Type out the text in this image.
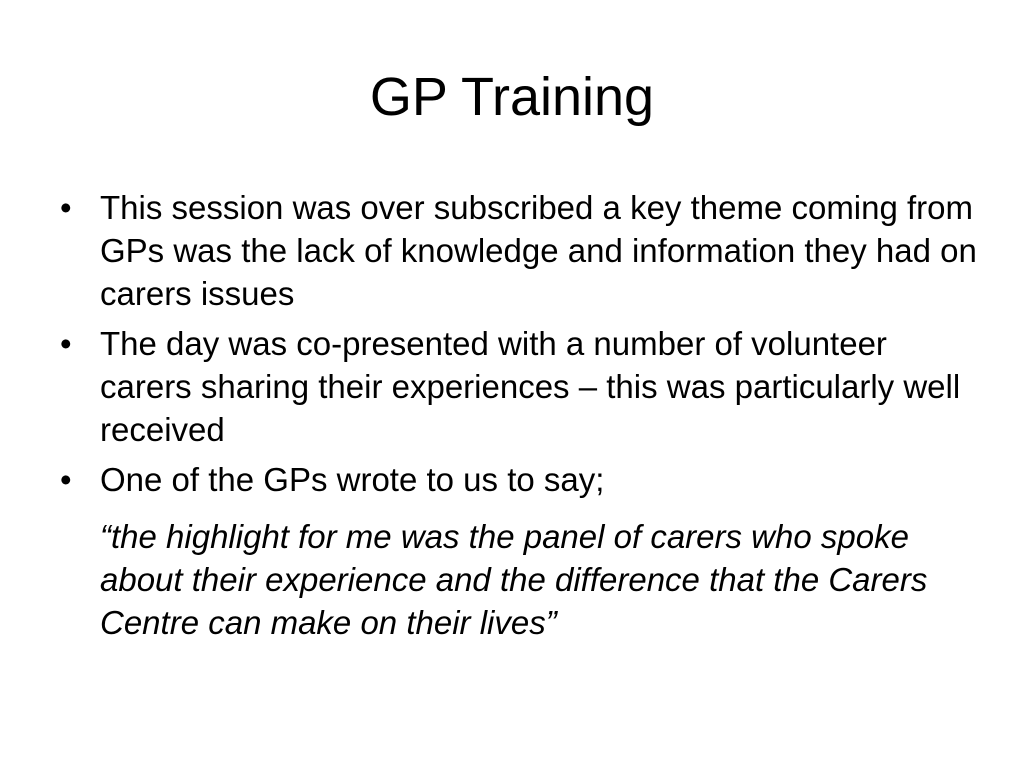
GP Training
• This session was over subscribed a key theme coming from GPs was the lack of knowledge and information they had on carers issues
• The day was co-presented with a number of volunteer carers sharing their experiences – this was particularly well received
• One of the GPs wrote to us to say;

“the highlight for me was the panel of carers who spoke about their experience and the difference that the Carers Centre can make on their lives”
